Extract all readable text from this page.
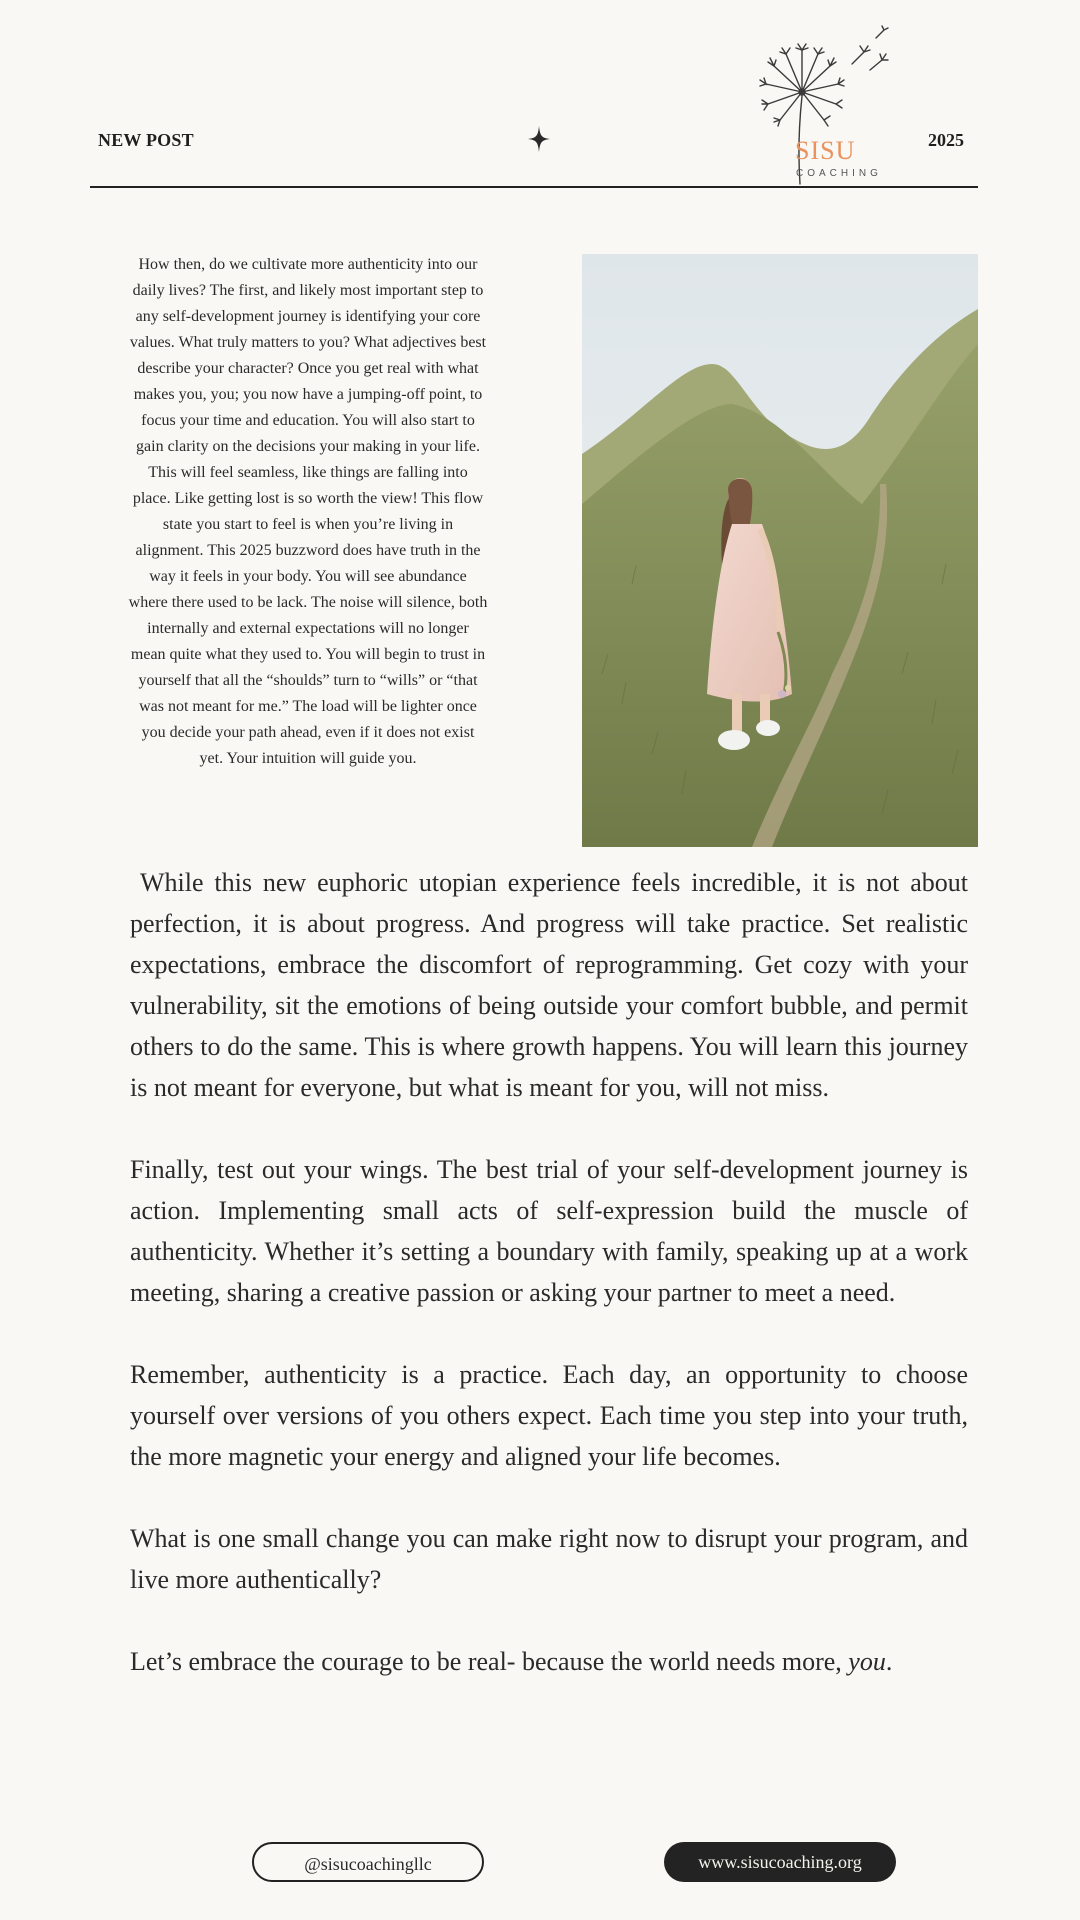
NEW POST	2025
SISU
COACHING

How then, do we cultivate more authenticity into our daily lives? The first, and likely most important step to any self-development journey is identifying your core values. What truly matters to you? What adjectives best describe your character? Once you get real with what makes you, you; you now have a jumping-off point, to focus your time and education. You will also start to gain clarity on the decisions your making in your life. This will feel seamless, like things are falling into place. Like getting lost is so worth the view! This flow state you start to feel is when you’re living in alignment. This 2025 buzzword does have truth in the way it feels in your body. You will see abundance where there used to be lack. The noise will silence, both internally and external expectations will no longer mean quite what they used to. You will begin to trust in yourself that all the “shoulds” turn to “wills” or “that was not meant for me.” The load will be lighter once you decide your path ahead, even if it does not exist yet. Your intuition will guide you.

While this new euphoric utopian experience feels incredible, it is not about perfection, it is about progress. And progress will take practice. Set realistic expectations, embrace the discomfort of reprogramming. Get cozy with your vulnerability, sit the emotions of being outside your comfort bubble, and permit others to do the same. This is where growth happens. You will learn this journey is not meant for everyone, but what is meant for you, will not miss.

Finally, test out your wings. The best trial of your self-development journey is action. Implementing small acts of self-expression build the muscle of authenticity. Whether it’s setting a boundary with family, speaking up at a work meeting, sharing a creative passion or asking your partner to meet a need.

Remember, authenticity is a practice. Each day, an opportunity to choose yourself over versions of you others expect. Each time you step into your truth, the more magnetic your energy and aligned your life becomes.

What is one small change you can make right now to disrupt your program, and live more authentically?

Let’s embrace the courage to be real- because the world needs more, you.

@sisucoachingllc	www.sisucoaching.org
